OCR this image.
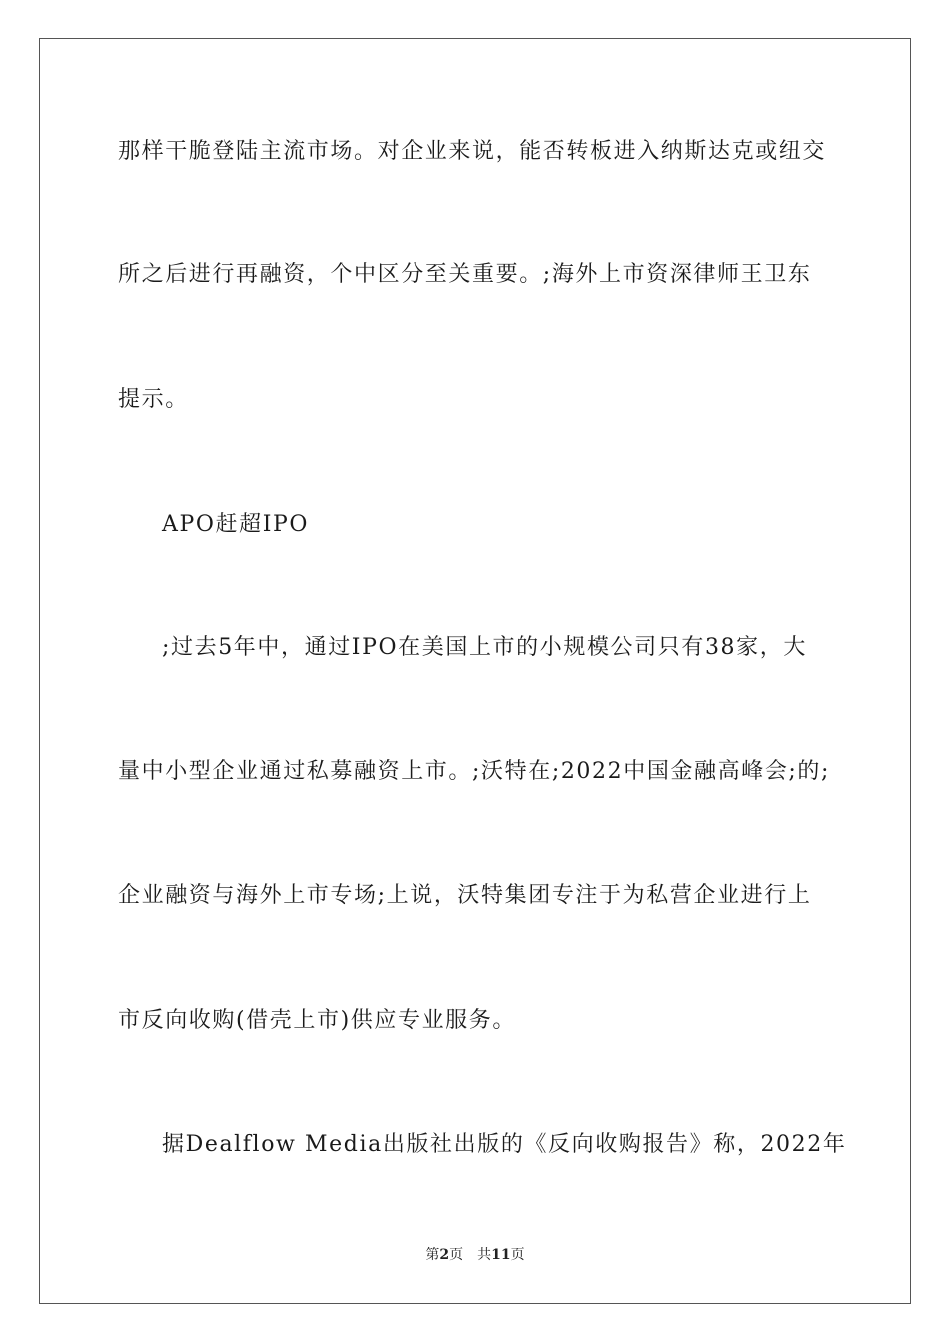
那样干脆登陆主流市场。对企业来说，能否转板进入纳斯达克或纽交
所之后进行再融资，个中区分至关重要。;海外上市资深律师王卫东
提示。
APO赶超IPO
;过去5年中，通过IPO在美国上市的小规模公司只有38家，大
量中小型企业通过私募融资上市。;沃特在;2022中国金融高峰会;的;
企业融资与海外上市专场;上说，沃特集团专注于为私营企业进行上
市反向收购(借壳上市)供应专业服务。
据Dealflow Media出版社出版的《反向收购报告》称，2022年
第2页 共11页
